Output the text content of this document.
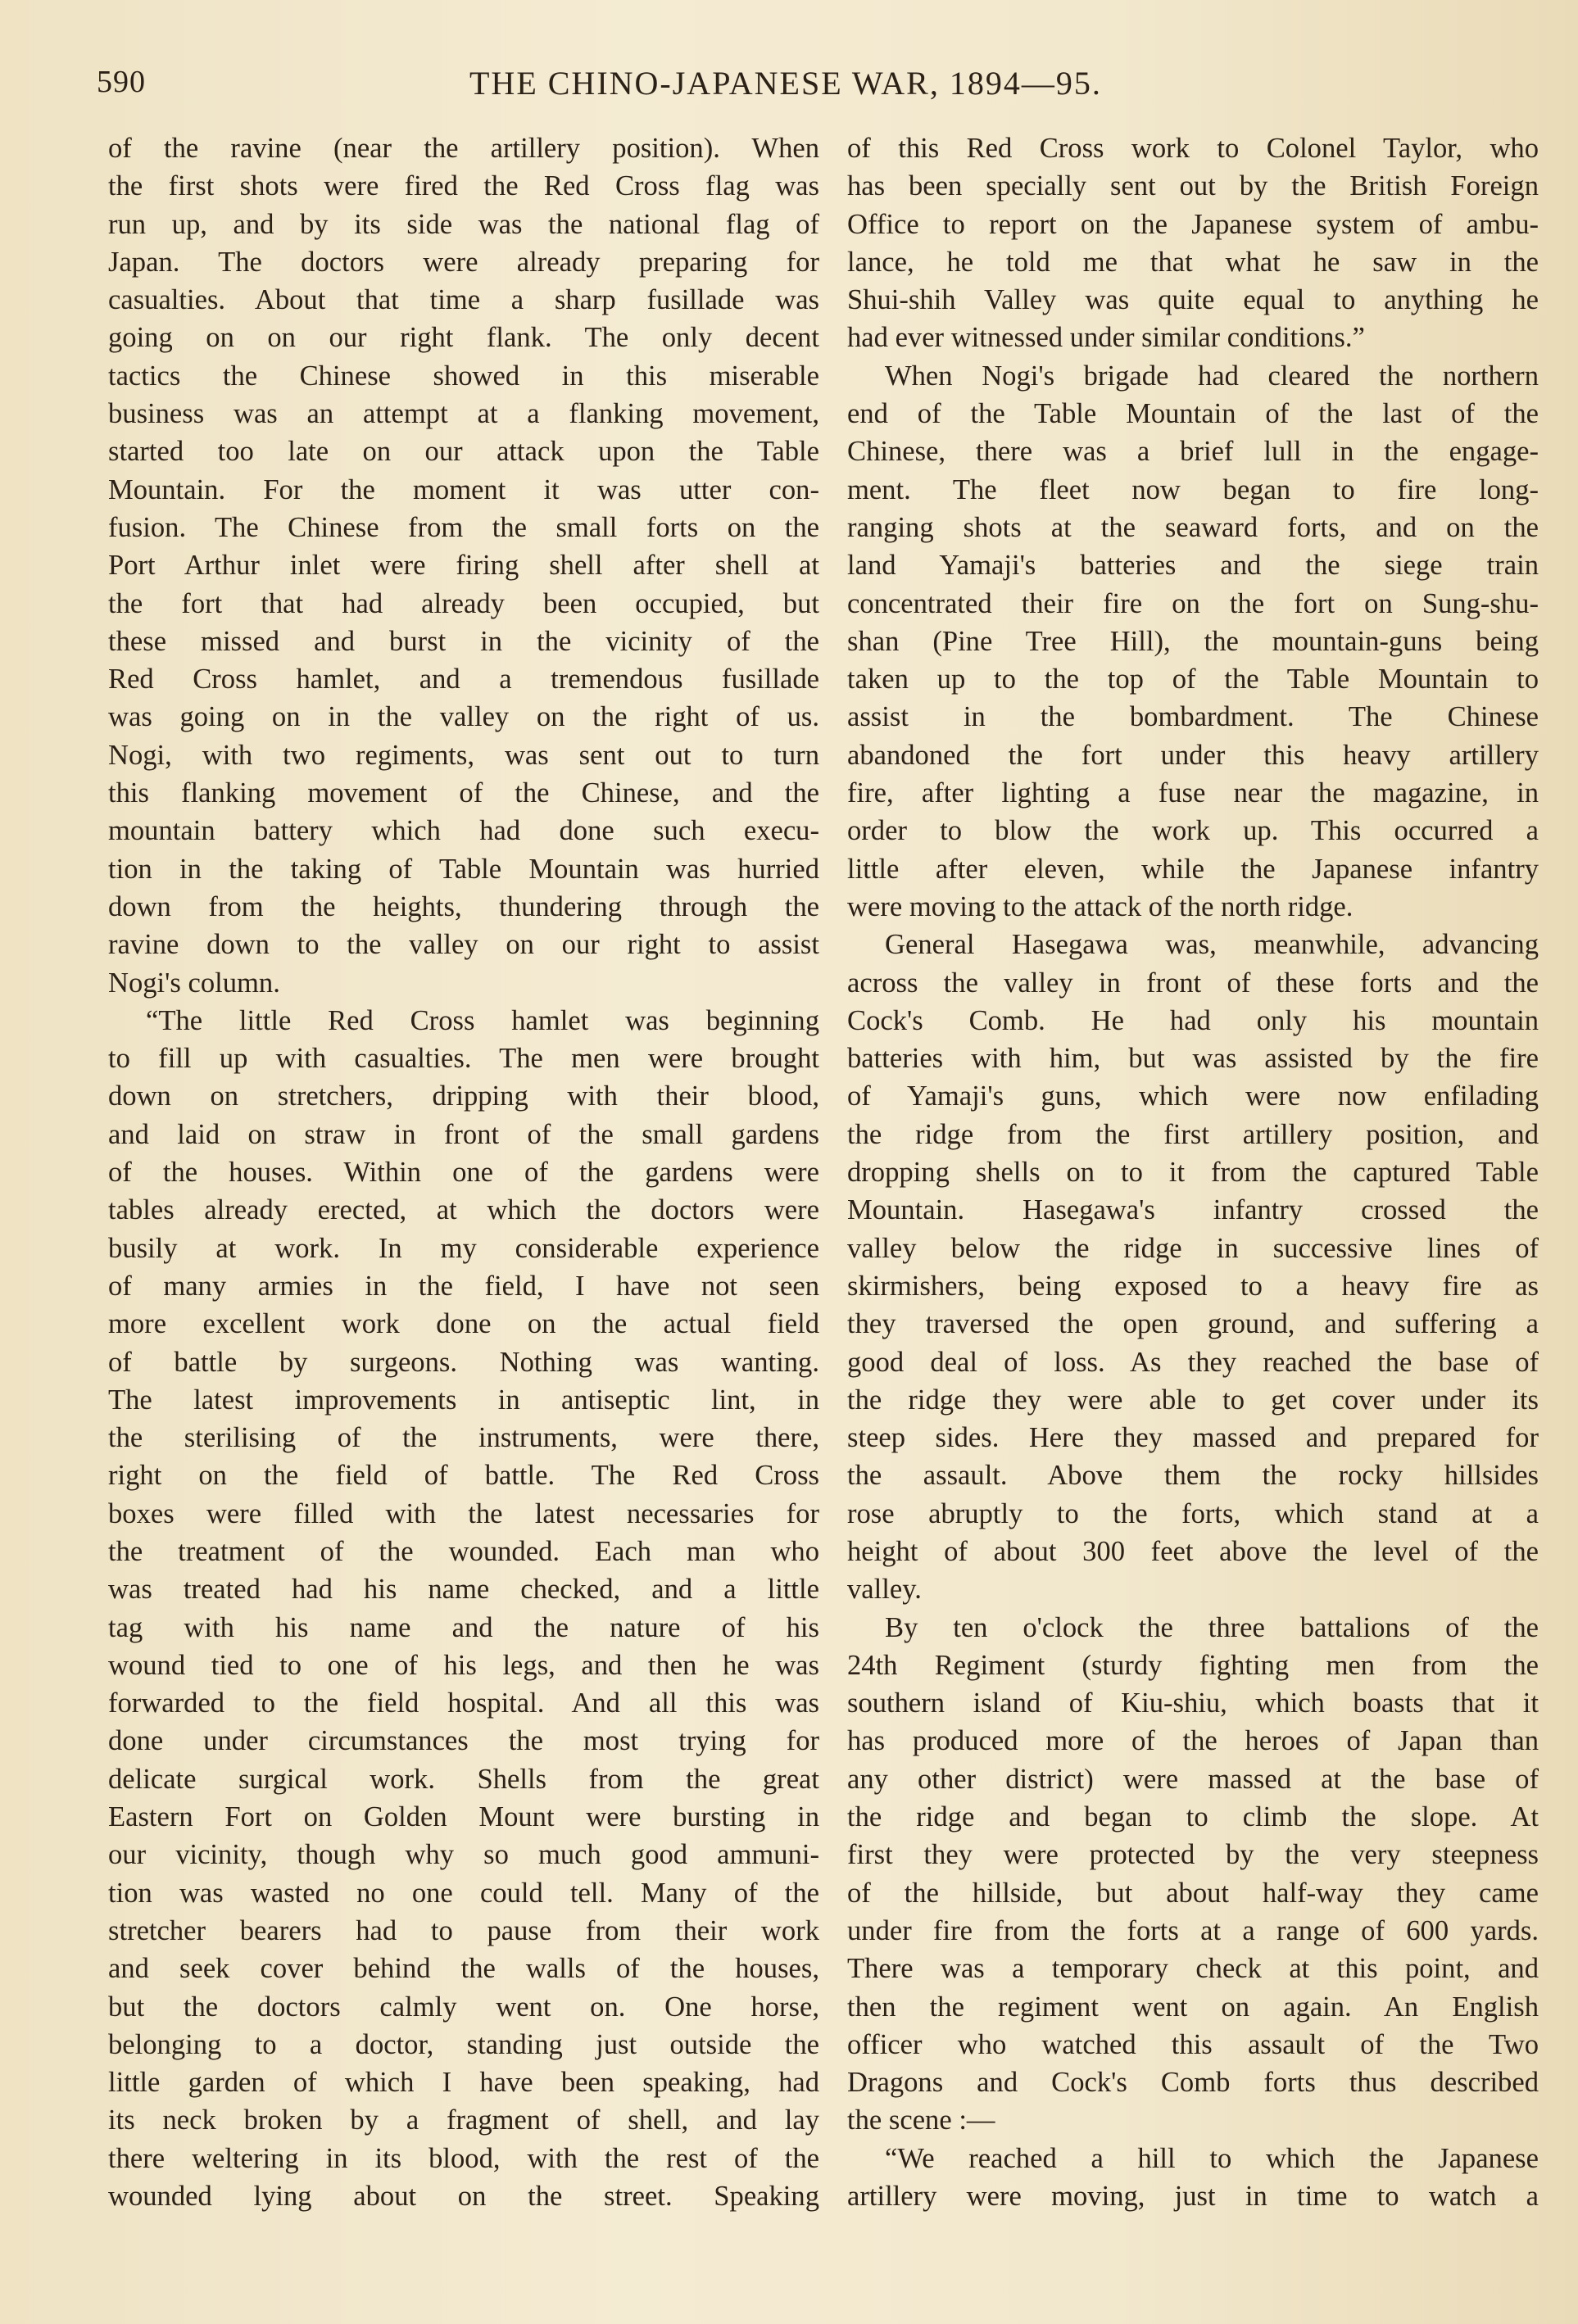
590	THE CHINO-JAPANESE WAR, 1894—95.
of the ravine (near the artillery position). When
the first shots were fired the Red Cross flag was
run up, and by its side was the national flag of
Japan. The doctors were already preparing for
casualties. About that time a sharp fusillade was
going on on our right flank. The only decent
tactics the Chinese showed in this miserable
business was an attempt at a flanking movement,
started too late on our attack upon the Table
Mountain. For the moment it was utter con-
fusion. The Chinese from the small forts on the
Port Arthur inlet were firing shell after shell at
the fort that had already been occupied, but
these missed and burst in the vicinity of the
Red Cross hamlet, and a tremendous fusillade
was going on in the valley on the right of us.
Nogi, with two regiments, was sent out to turn
this flanking movement of the Chinese, and the
mountain battery which had done such execu-
tion in the taking of Table Mountain was hurried
down from the heights, thundering through the
ravine down to the valley on our right to assist
Nogi's column.
“The little Red Cross hamlet was beginning
to fill up with casualties. The men were brought
down on stretchers, dripping with their blood,
and laid on straw in front of the small gardens
of the houses. Within one of the gardens were
tables already erected, at which the doctors were
busily at work. In my considerable experience
of many armies in the field, I have not seen
more excellent work done on the actual field
of battle by surgeons. Nothing was wanting.
The latest improvements in antiseptic lint, in
the sterilising of the instruments, were there,
right on the field of battle. The Red Cross
boxes were filled with the latest necessaries for
the treatment of the wounded. Each man who
was treated had his name checked, and a little
tag with his name and the nature of his
wound tied to one of his legs, and then he was
forwarded to the field hospital. And all this was
done under circumstances the most trying for
delicate surgical work. Shells from the great
Eastern Fort on Golden Mount were bursting in
our vicinity, though why so much good ammuni-
tion was wasted no one could tell. Many of the
stretcher bearers had to pause from their work
and seek cover behind the walls of the houses,
but the doctors calmly went on. One horse,
belonging to a doctor, standing just outside the
little garden of which I have been speaking, had
its neck broken by a fragment of shell, and lay
there weltering in its blood, with the rest of the
wounded lying about on the street. Speaking
of this Red Cross work to Colonel Taylor, who
has been specially sent out by the British Foreign
Office to report on the Japanese system of ambu-
lance, he told me that what he saw in the
Shui-shih Valley was quite equal to anything he
had ever witnessed under similar conditions.”
When Nogi's brigade had cleared the northern
end of the Table Mountain of the last of the
Chinese, there was a brief lull in the engage-
ment. The fleet now began to fire long-
ranging shots at the seaward forts, and on the
land Yamaji's batteries and the siege train
concentrated their fire on the fort on Sung-shu-
shan (Pine Tree Hill), the mountain-guns being
taken up to the top of the Table Mountain to
assist in the bombardment. The Chinese
abandoned the fort under this heavy artillery
fire, after lighting a fuse near the magazine, in
order to blow the work up. This occurred a
little after eleven, while the Japanese infantry
were moving to the attack of the north ridge.
General Hasegawa was, meanwhile, advancing
across the valley in front of these forts and the
Cock's Comb. He had only his mountain
batteries with him, but was assisted by the fire
of Yamaji's guns, which were now enfilading
the ridge from the first artillery position, and
dropping shells on to it from the captured Table
Mountain. Hasegawa's infantry crossed the
valley below the ridge in successive lines of
skirmishers, being exposed to a heavy fire as
they traversed the open ground, and suffering a
good deal of loss. As they reached the base of
the ridge they were able to get cover under its
steep sides. Here they massed and prepared for
the assault. Above them the rocky hillsides
rose abruptly to the forts, which stand at a
height of about 300 feet above the level of the
valley.
By ten o'clock the three battalions of the
24th Regiment (sturdy fighting men from the
southern island of Kiu-shiu, which boasts that it
has produced more of the heroes of Japan than
any other district) were massed at the base of
the ridge and began to climb the slope. At
first they were protected by the very steepness
of the hillside, but about half-way they came
under fire from the forts at a range of 600 yards.
There was a temporary check at this point, and
then the regiment went on again. An English
officer who watched this assault of the Two
Dragons and Cock's Comb forts thus described
the scene :—
“We reached a hill to which the Japanese
artillery were moving, just in time to watch a
